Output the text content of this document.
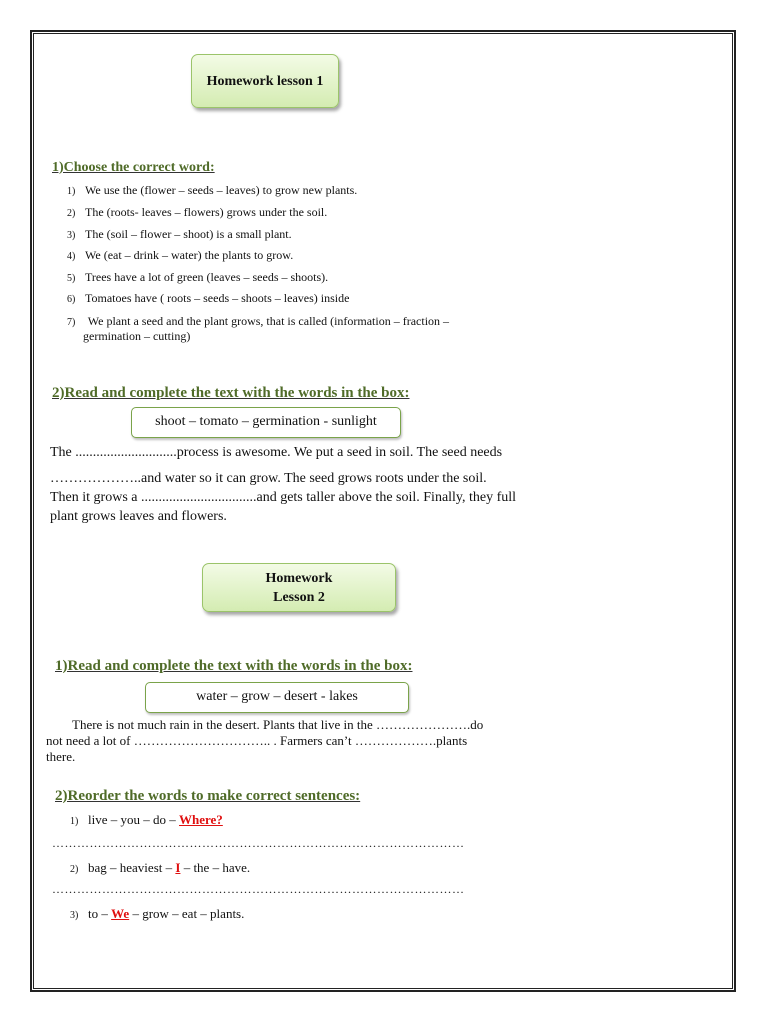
Homework lesson 1
1)Choose the correct word:
1) We use the (flower – seeds – leaves) to grow new plants.
2) The (roots- leaves – flowers) grows under the soil.
3) The (soil – flower – shoot) is a small plant.
4) We (eat – drink – water) the plants to grow.
5) Trees have a lot of green (leaves – seeds – shoots).
6) Tomatoes have ( roots – seeds – shoots – leaves) inside
7) We plant a seed and the plant grows, that is called (information – fraction –
germination – cutting)
2)Read and complete the text with the words in the box:
shoot – tomato – germination - sunlight
The .............................process is awesome. We put a seed in soil. The seed needs
………………..and water so it can grow. The seed grows roots under the soil.
Then it grows a .................................and gets taller above the soil. Finally, they full
plant grows leaves and flowers.
Homework
Lesson 2
1)Read and complete the text with the words in the box:
water – grow – desert - lakes
There is not much rain in the desert. Plants that live in the ………………….do
not need a lot of ………………………….. . Farmers can’t ……………….plants
there.
2)Reorder the words to make correct sentences:
1) live – you – do – Where?
………………………………………………………………………………………
2) bag – heaviest – I – the – have.
………………………………………………………………………………………
3) to – We – grow – eat – plants.
